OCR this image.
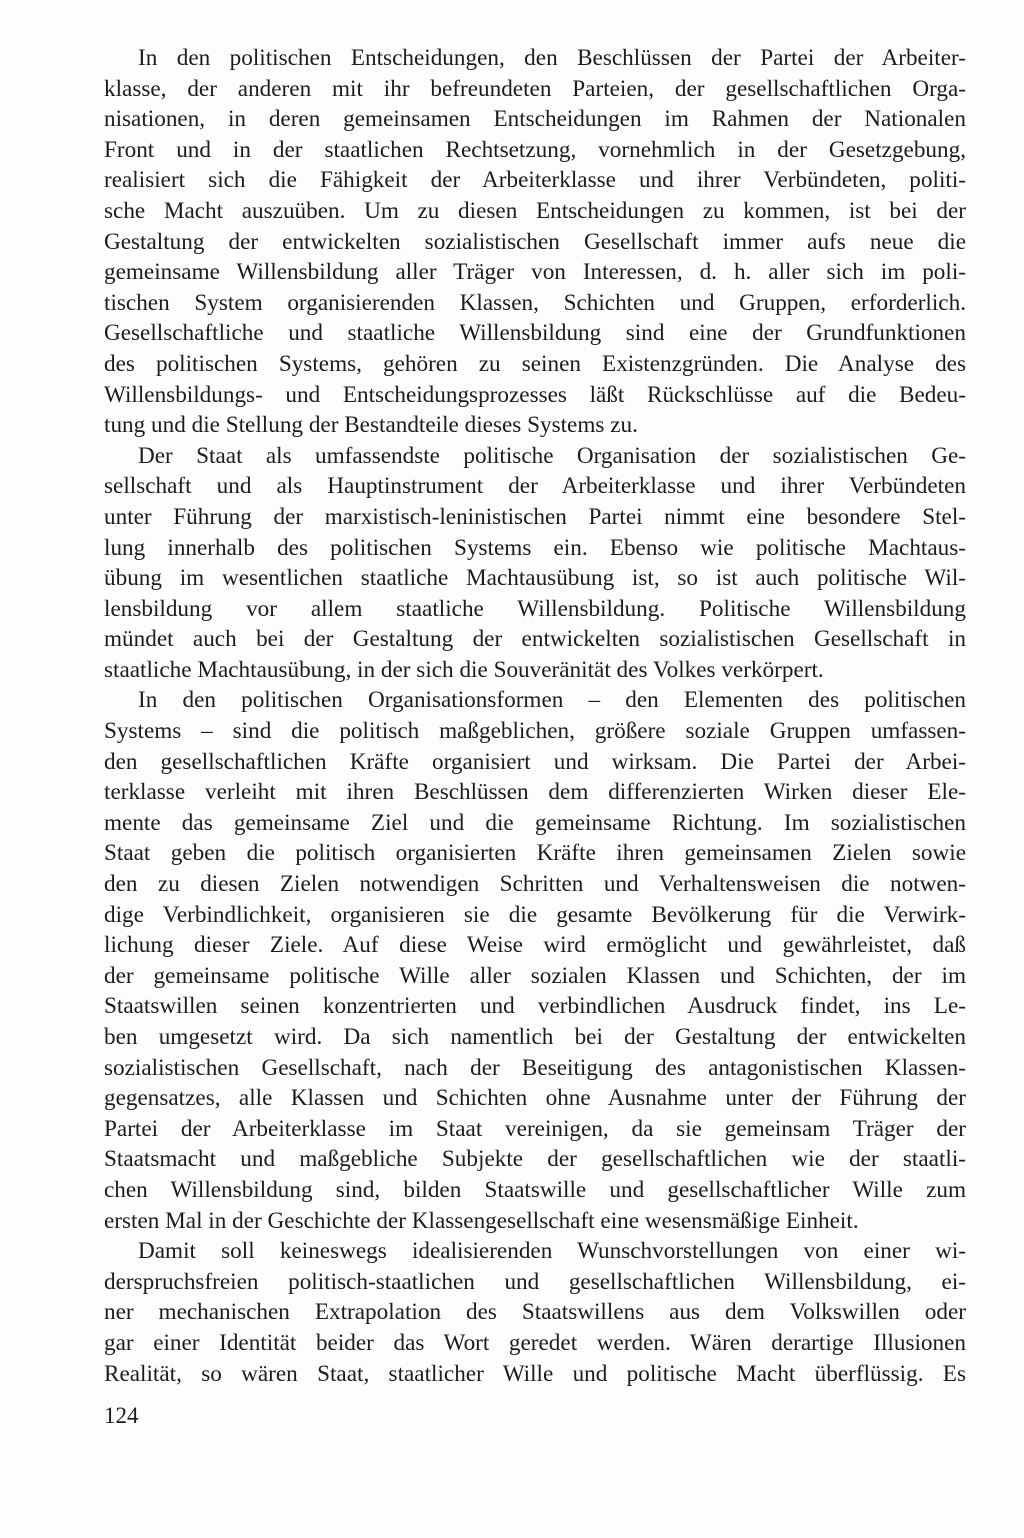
In den politischen Entscheidungen, den Beschlüssen der Partei der Arbeiter-
klasse, der anderen mit ihr befreundeten Parteien, der gesellschaftlichen Orga-
nisationen, in deren gemeinsamen Entscheidungen im Rahmen der Nationalen
Front und in der staatlichen Rechtsetzung, vornehmlich in der Gesetzgebung,
realisiert sich die Fähigkeit der Arbeiterklasse und ihrer Verbündeten, politi-
sche Macht auszuüben. Um zu diesen Entscheidungen zu kommen, ist bei der
Gestaltung der entwickelten sozialistischen Gesellschaft immer aufs neue die
gemeinsame Willensbildung aller Träger von Interessen, d. h. aller sich im poli-
tischen System organisierenden Klassen, Schichten und Gruppen, erforderlich.
Gesellschaftliche und staatliche Willensbildung sind eine der Grundfunktionen
des politischen Systems, gehören zu seinen Existenzgründen. Die Analyse des
Willensbildungs- und Entscheidungsprozesses läßt Rückschlüsse auf die Bedeu-
tung und die Stellung der Bestandteile dieses Systems zu.
Der Staat als umfassendste politische Organisation der sozialistischen Ge-
sellschaft und als Hauptinstrument der Arbeiterklasse und ihrer Verbündeten
unter Führung der marxistisch-leninistischen Partei nimmt eine besondere Stel-
lung innerhalb des politischen Systems ein. Ebenso wie politische Machtaus-
übung im wesentlichen staatliche Machtausübung ist, so ist auch politische Wil-
lensbildung vor allem staatliche Willensbildung. Politische Willensbildung
mündet auch bei der Gestaltung der entwickelten sozialistischen Gesellschaft in
staatliche Machtausübung, in der sich die Souveränität des Volkes verkörpert.
In den politischen Organisationsformen – den Elementen des politischen
Systems – sind die politisch maßgeblichen, größere soziale Gruppen umfassen-
den gesellschaftlichen Kräfte organisiert und wirksam. Die Partei der Arbei-
terklasse verleiht mit ihren Beschlüssen dem differenzierten Wirken dieser Ele-
mente das gemeinsame Ziel und die gemeinsame Richtung. Im sozialistischen
Staat geben die politisch organisierten Kräfte ihren gemeinsamen Zielen sowie
den zu diesen Zielen notwendigen Schritten und Verhaltensweisen die notwen-
dige Verbindlichkeit, organisieren sie die gesamte Bevölkerung für die Verwirk-
lichung dieser Ziele. Auf diese Weise wird ermöglicht und gewährleistet, daß
der gemeinsame politische Wille aller sozialen Klassen und Schichten, der im
Staatswillen seinen konzentrierten und verbindlichen Ausdruck findet, ins Le-
ben umgesetzt wird. Da sich namentlich bei der Gestaltung der entwickelten
sozialistischen Gesellschaft, nach der Beseitigung des antagonistischen Klassen-
gegensatzes, alle Klassen und Schichten ohne Ausnahme unter der Führung der
Partei der Arbeiterklasse im Staat vereinigen, da sie gemeinsam Träger der
Staatsmacht und maßgebliche Subjekte der gesellschaftlichen wie der staatli-
chen Willensbildung sind, bilden Staatswille und gesellschaftlicher Wille zum
ersten Mal in der Geschichte der Klassengesellschaft eine wesensmäßige Einheit.
Damit soll keineswegs idealisierenden Wunschvorstellungen von einer wi-
derspruchsfreien politisch-staatlichen und gesellschaftlichen Willensbildung, ei-
ner mechanischen Extrapolation des Staatswillens aus dem Volkswillen oder
gar einer Identität beider das Wort geredet werden. Wären derartige Illusionen
Realität, so wären Staat, staatlicher Wille und politische Macht überflüssig. Es
124
